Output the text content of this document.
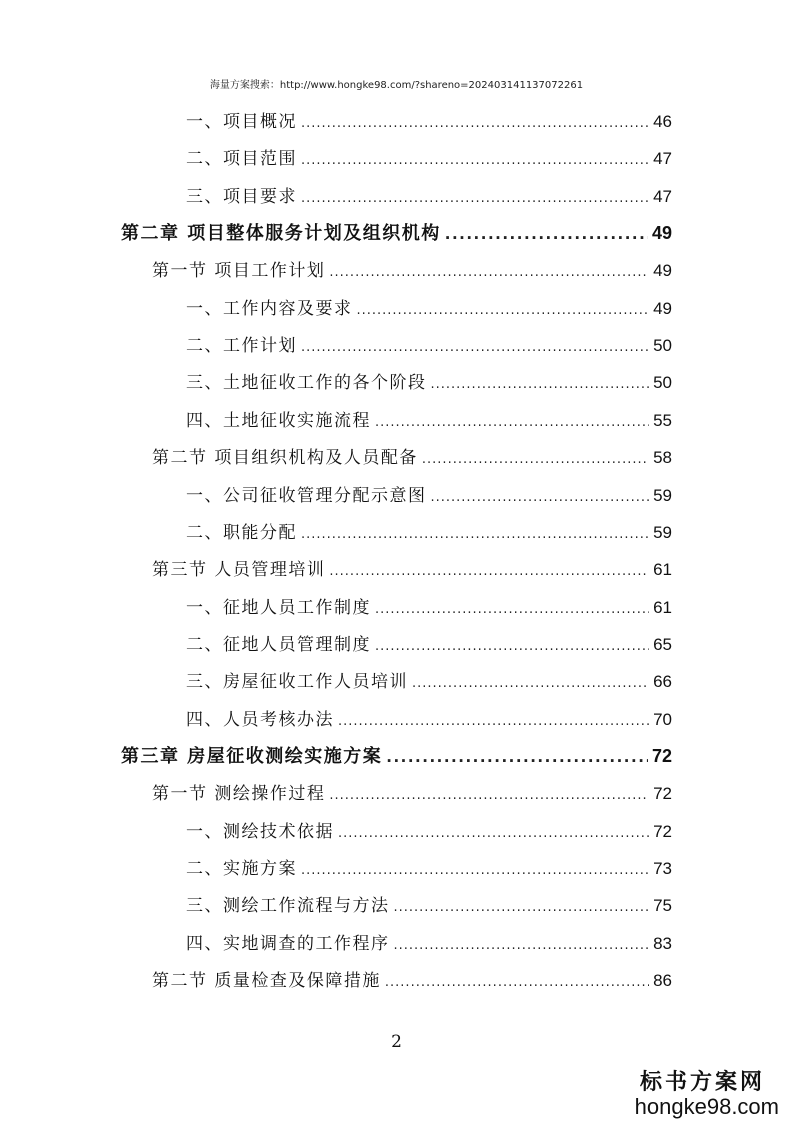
海量方案搜索：http://www.hongke98.com/?shareno=202403141137072261
一、项目概况 .....	46
二、项目范围 .....	47
三、项目要求 .....	47
第二章 项目整体服务计划及组织机构 .....	49
第一节 项目工作计划 .....	49
一、工作内容及要求 .....	49
二、工作计划 .....	50
三、土地征收工作的各个阶段 .....	50
四、土地征收实施流程 .....	55
第二节 项目组织机构及人员配备 .....	58
一、公司征收管理分配示意图 .....	59
二、职能分配 .....	59
第三节 人员管理培训 .....	61
一、征地人员工作制度 .....	61
二、征地人员管理制度 .....	65
三、房屋征收工作人员培训 .....	66
四、人员考核办法 .....	70
第三章 房屋征收测绘实施方案 .....	72
第一节 测绘操作过程 .....	72
一、测绘技术依据 .....	72
二、实施方案 .....	73
三、测绘工作流程与方法 .....	75
四、实地调查的工作程序 .....	83
第二节 质量检查及保障措施 .....	86
2
标书方案网
hongke98.com
